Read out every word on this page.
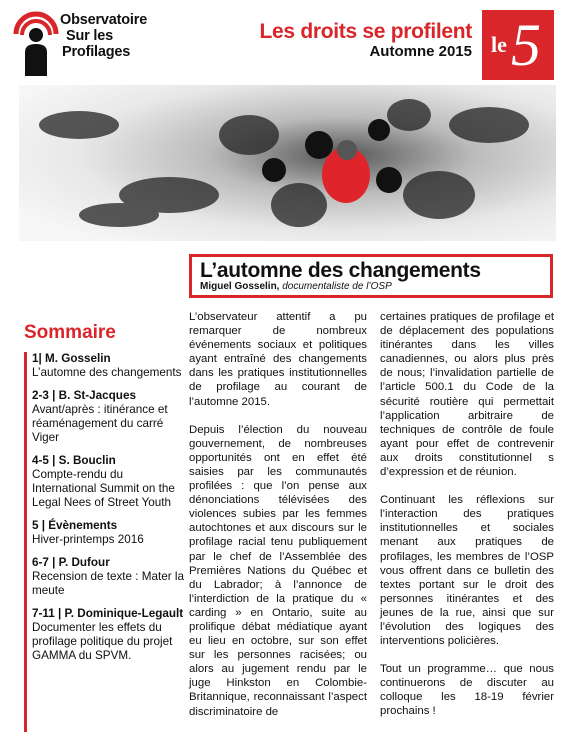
Observatoire
Sur les
Profilages
Les droits se profilent
Automne 2015 le 5
L’automne des changements
Miguel Gosselin, documentaliste de l’OSP
Sommaire
1| M. Gosselin
L’automne des changements
2-3 | B. St-Jacques
Avant/après : itinérance et réaménagement du carré Viger
4-5 | S. Bouclin
Compte-rendu du International Summit on the Legal Nees of Street Youth
5 | Évènements
Hiver-printemps 2016
6-7 | P. Dufour
Recension de texte : Mater la meute
7-11 | P. Dominique-Legault
Documenter les effets du profilage politique du projet GAMMA du SPVM.

L’observateur attentif a pu remarquer de nombreux événements sociaux et politiques ayant entraîné des changements dans les pratiques institutionnelles de profilage au courant de l’automne 2015.

Depuis l’élection du nouveau gouvernement, de nombreuses opportunités ont en effet été saisies par les communautés profilées : que l’on pense aux dénonciations télévisées des violences subies par les femmes autochtones et aux discours sur le profilage racial tenu publiquement par le chef de l’Assemblée des Premières Nations du Québec et du Labrador; à l’annonce de l’interdiction de la pratique du « carding » en Ontario, suite au prolifique débat médiatique ayant eu lieu en octobre, sur son effet sur les personnes racisées; ou alors au jugement rendu par le juge Hinkston en Colombie-Britannique, reconnaissant l’aspect discriminatoire de

certaines pratiques de profilage et de déplacement des populations itinérantes dans les villes canadiennes, ou alors plus près de nous; l’invalidation partielle de l’article 500.1 du Code de la sécurité routière qui permettait l’application arbitraire de techniques de contrôle de foule ayant pour effet de contrevenir aux droits constitutionnel s d’expression et de réunion.

Continuant les réflexions sur l’interaction des pratiques institutionnelles et sociales menant aux pratiques de profilages, les membres de l’OSP vous offrent dans ce bulletin des textes portant sur le droit des personnes itinérantes et des jeunes de la rue, ainsi que sur l’évolution des logiques des interventions policières.

Tout un programme… que nous continuerons de discuter au colloque les 18-19 février prochains !
